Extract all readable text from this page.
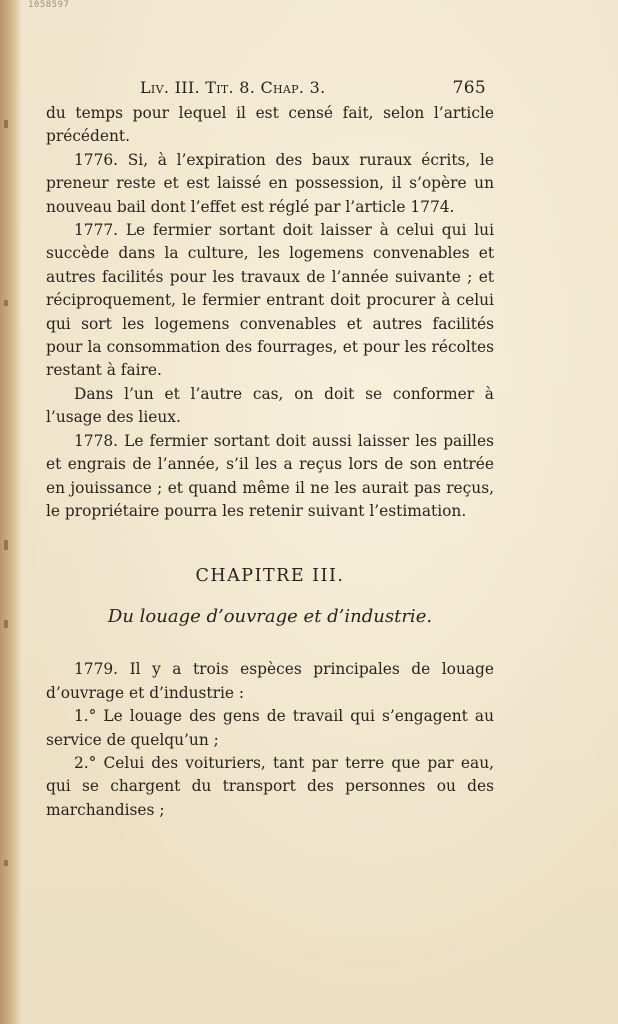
1058597
Liv. III. Tit. 8. Chap. 3.	765

du temps pour lequel il est censé fait, selon l’article précédent.

1776. Si, à l’expiration des baux ruraux écrits, le preneur reste et est laissé en possession, il s’opère un nouveau bail dont l’effet est réglé par l’article 1774.

1777. Le fermier sortant doit laisser à celui qui lui succède dans la culture, les logemens convenables et autres facilités pour les travaux de l’année suivante ; et réciproquement, le fermier entrant doit procurer à celui qui sort les logemens convenables et autres facilités pour la consommation des fourrages, et pour les récoltes restant à faire.

Dans l’un et l’autre cas, on doit se conformer à l’usage des lieux.

1778. Le fermier sortant doit aussi laisser les pailles et engrais de l’année, s’il les a reçus lors de son entrée en jouissance ; et quand même il ne les aurait pas reçus, le propriétaire pourra les retenir suivant l’estimation.

CHAPITRE III.
Du louage d’ouvrage et d’industrie.

1779. Il y a trois espèces principales de louage d’ouvrage et d’industrie :

1.° Le louage des gens de travail qui s’engagent au service de quelqu’un ;

2.° Celui des voituriers, tant par terre que par eau, qui se chargent du transport des personnes ou des marchandises ;
